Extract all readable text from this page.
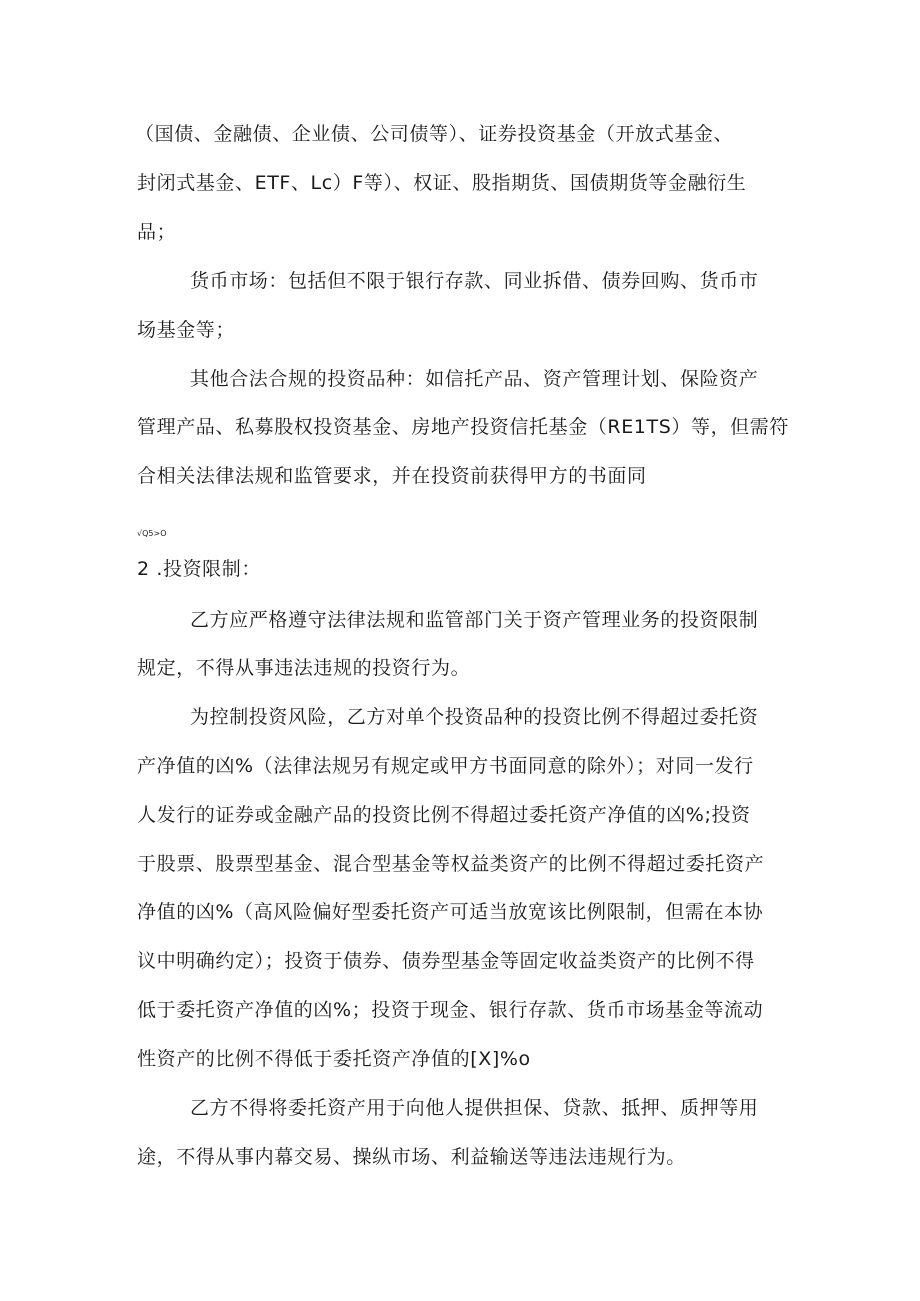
（国债、金融债、企业债、公司债等）、证券投资基金（开放式基金、
封闭式基金、ETF、Lc）F等）、权证、股指期货、国债期货等金融衍生
品；
货币市场：包括但不限于银行存款、同业拆借、债券回购、货币市
场基金等；
其他合法合规的投资品种：如信托产品、资产管理计划、保险资产
管理产品、私募股权投资基金、房地产投资信托基金（RE1TS）等，但需符
合相关法律法规和监管要求，并在投资前获得甲方的书面同
√Q5>O
2 .投资限制：
乙方应严格遵守法律法规和监管部门关于资产管理业务的投资限制
规定，不得从事违法违规的投资行为。
为控制投资风险，乙方对单个投资品种的投资比例不得超过委托资
产净值的凶%（法律法规另有规定或甲方书面同意的除外）；对同一发行
人发行的证券或金融产品的投资比例不得超过委托资产净值的凶%;投资
于股票、股票型基金、混合型基金等权益类资产的比例不得超过委托资产
净值的凶%（高风险偏好型委托资产可适当放宽该比例限制，但需在本协
议中明确约定）；投资于债券、债券型基金等固定收益类资产的比例不得
低于委托资产净值的凶%；投资于现金、银行存款、货币市场基金等流动
性资产的比例不得低于委托资产净值的[X]%o
乙方不得将委托资产用于向他人提供担保、贷款、抵押、质押等用
途，不得从事内幕交易、操纵市场、利益输送等违法违规行为。
